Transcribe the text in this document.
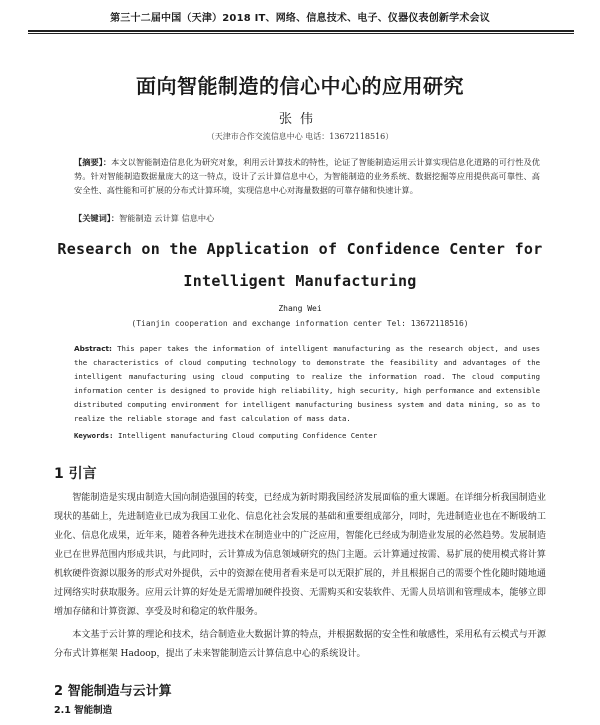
第三十二届中国（天津）2018 IT、网络、信息技术、电子、仪器仪表创新学术会议
面向智能制造的信心中心的应用研究
张伟
（天津市合作交流信息中心 电话：13672118516）
【摘要】：本文以智能制造信息化为研究对象，利用云计算技术的特性，论证了智能制造运用云计算实现信息化道路的可行性及优势。针对智能制造数据量庞大的这一特点，设计了云计算信息中心，为智能制造的业务系统、数据挖掘等应用提供高可靠性、高安全性、高性能和可扩展的分布式计算环境，实现信息中心对海量数据的可靠存储和快速计算。
【关键词】：智能制造 云计算 信息中心
Research on the Application of Confidence Center for
Intelligent Manufacturing
Zhang Wei
(Tianjin cooperation and exchange information center Tel: 13672118516)
Abstract: This paper takes the information of intelligent manufacturing as the research object, and uses the characteristics of cloud computing technology to demonstrate the feasibility and advantages of the intelligent manufacturing using cloud computing to realize the information road. The cloud computing information center is designed to provide high reliability, high security, high performance and extensible distributed computing environment for intelligent manufacturing business system and data mining, so as to realize the reliable storage and fast calculation of mass data.
Keywords: Intelligent manufacturing Cloud computing Confidence Center
1 引言
智能制造是实现由制造大国向制造强国的转变，已经成为新时期我国经济发展面临的重大课题。在详细分析我国制造业现状的基础上，先进制造业已成为我国工业化、信息化社会发展的基础和重要组成部分，同时，先进制造业也在不断吸纳工业化、信息化成果，近年来，随着各种先进技术在制造业中的广泛应用，智能化已经成为制造业发展的必然趋势。发展制造业已在世界范围内形成共识，与此同时，云计算成为信息领域研究的热门主题。云计算通过按需、易扩展的使用模式将计算机软硬件资源以服务的形式对外提供，云中的资源在使用者看来是可以无限扩展的，并且根据自己的需要个性化随时随地通过网络实时获取服务。应用云计算的好处是无需增加硬件投资、无需购买和安装软件、无需人员培训和管理成本，能够立即增加存储和计算资源、享受及时和稳定的软件服务。
本文基于云计算的理论和技术，结合制造业大数据计算的特点，并根据数据的安全性和敏感性，采用私有云模式与开源分布式计算框架 Hadoop，提出了未来智能制造云计算信息中心的系统设计。
2 智能制造与云计算
2.1 智能制造
